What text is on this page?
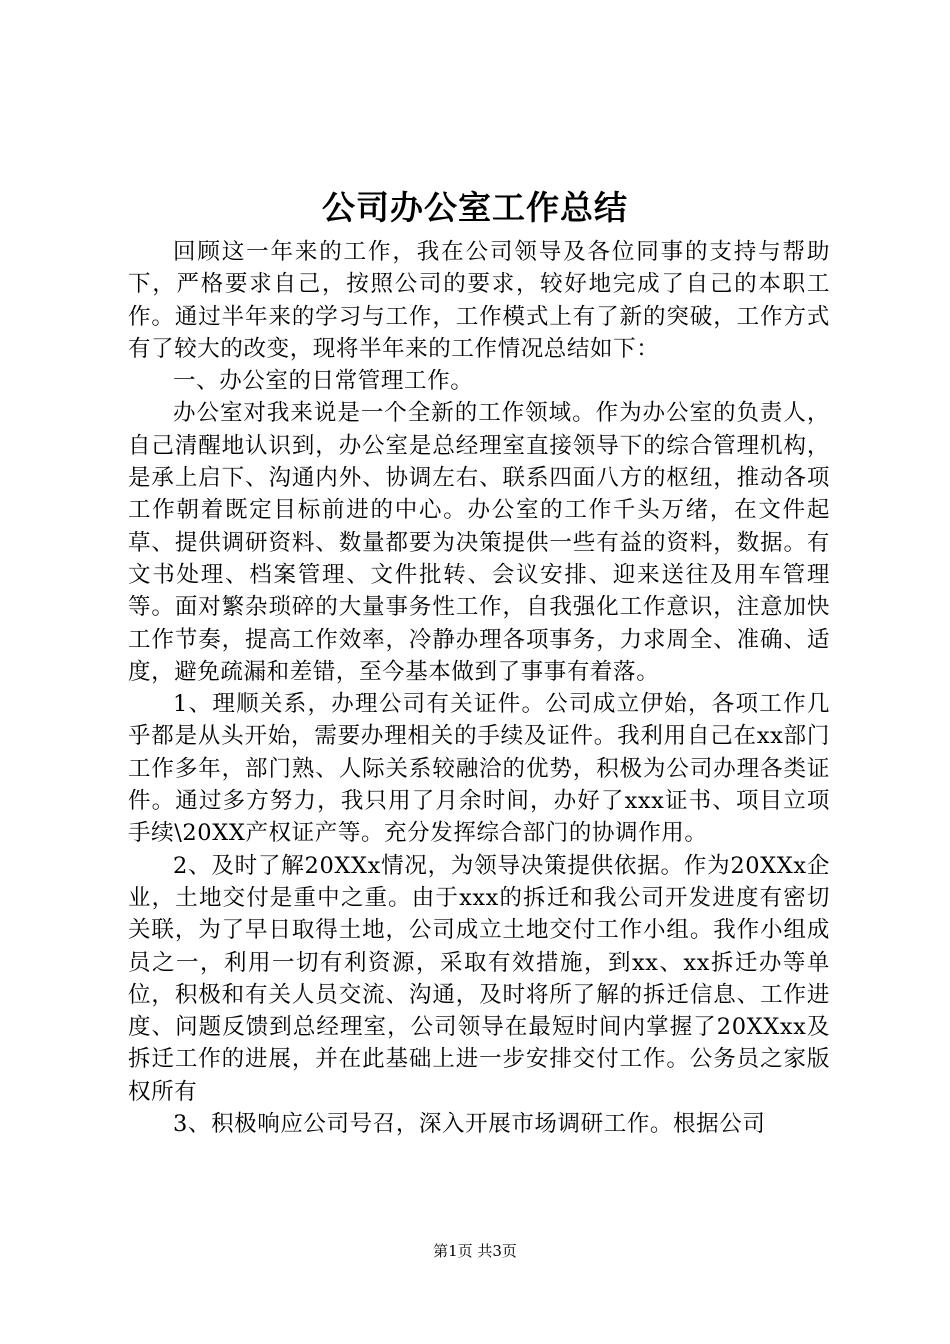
公司办公室工作总结

回顾这一年来的工作，我在公司领导及各位同事的支持与帮助下，严格要求自己，按照公司的要求，较好地完成了自己的本职工作。通过半年来的学习与工作，工作模式上有了新的突破，工作方式有了较大的改变，现将半年来的工作情况总结如下：

一、办公室的日常管理工作。

办公室对我来说是一个全新的工作领域。作为办公室的负责人，自己清醒地认识到，办公室是总经理室直接领导下的综合管理机构，是承上启下、沟通内外、协调左右、联系四面八方的枢纽，推动各项工作朝着既定目标前进的中心。办公室的工作千头万绪，在文件起草、提供调研资料、数量都要为决策提供一些有益的资料，数据。有文书处理、档案管理、文件批转、会议安排、迎来送往及用车管理等。面对繁杂琐碎的大量事务性工作，自我强化工作意识，注意加快工作节奏，提高工作效率，冷静办理各项事务，力求周全、准确、适度，避免疏漏和差错，至今基本做到了事事有着落。

1、理顺关系，办理公司有关证件。公司成立伊始，各项工作几乎都是从头开始，需要办理相关的手续及证件。我利用自己在xx部门工作多年，部门熟、人际关系较融洽的优势，积极为公司办理各类证件。通过多方努力，我只用了月余时间，办好了xxx证书、项目立项手续\20XX产权证产等。充分发挥综合部门的协调作用。

2、及时了解20XXx情况，为领导决策提供依据。作为20XXx企业，土地交付是重中之重。由于xxx的拆迁和我公司开发进度有密切关联，为了早日取得土地，公司成立土地交付工作小组。我作小组成员之一，利用一切有利资源，采取有效措施，到xx、xx拆迁办等单位，积极和有关人员交流、沟通，及时将所了解的拆迁信息、工作进度、问题反馈到总经理室，公司领导在最短时间内掌握了20XXxx及拆迁工作的进展，并在此基础上进一步安排交付工作。公务员之家版权所有

3、积极响应公司号召，深入开展市场调研工作。根据公司

第1页 共3页
